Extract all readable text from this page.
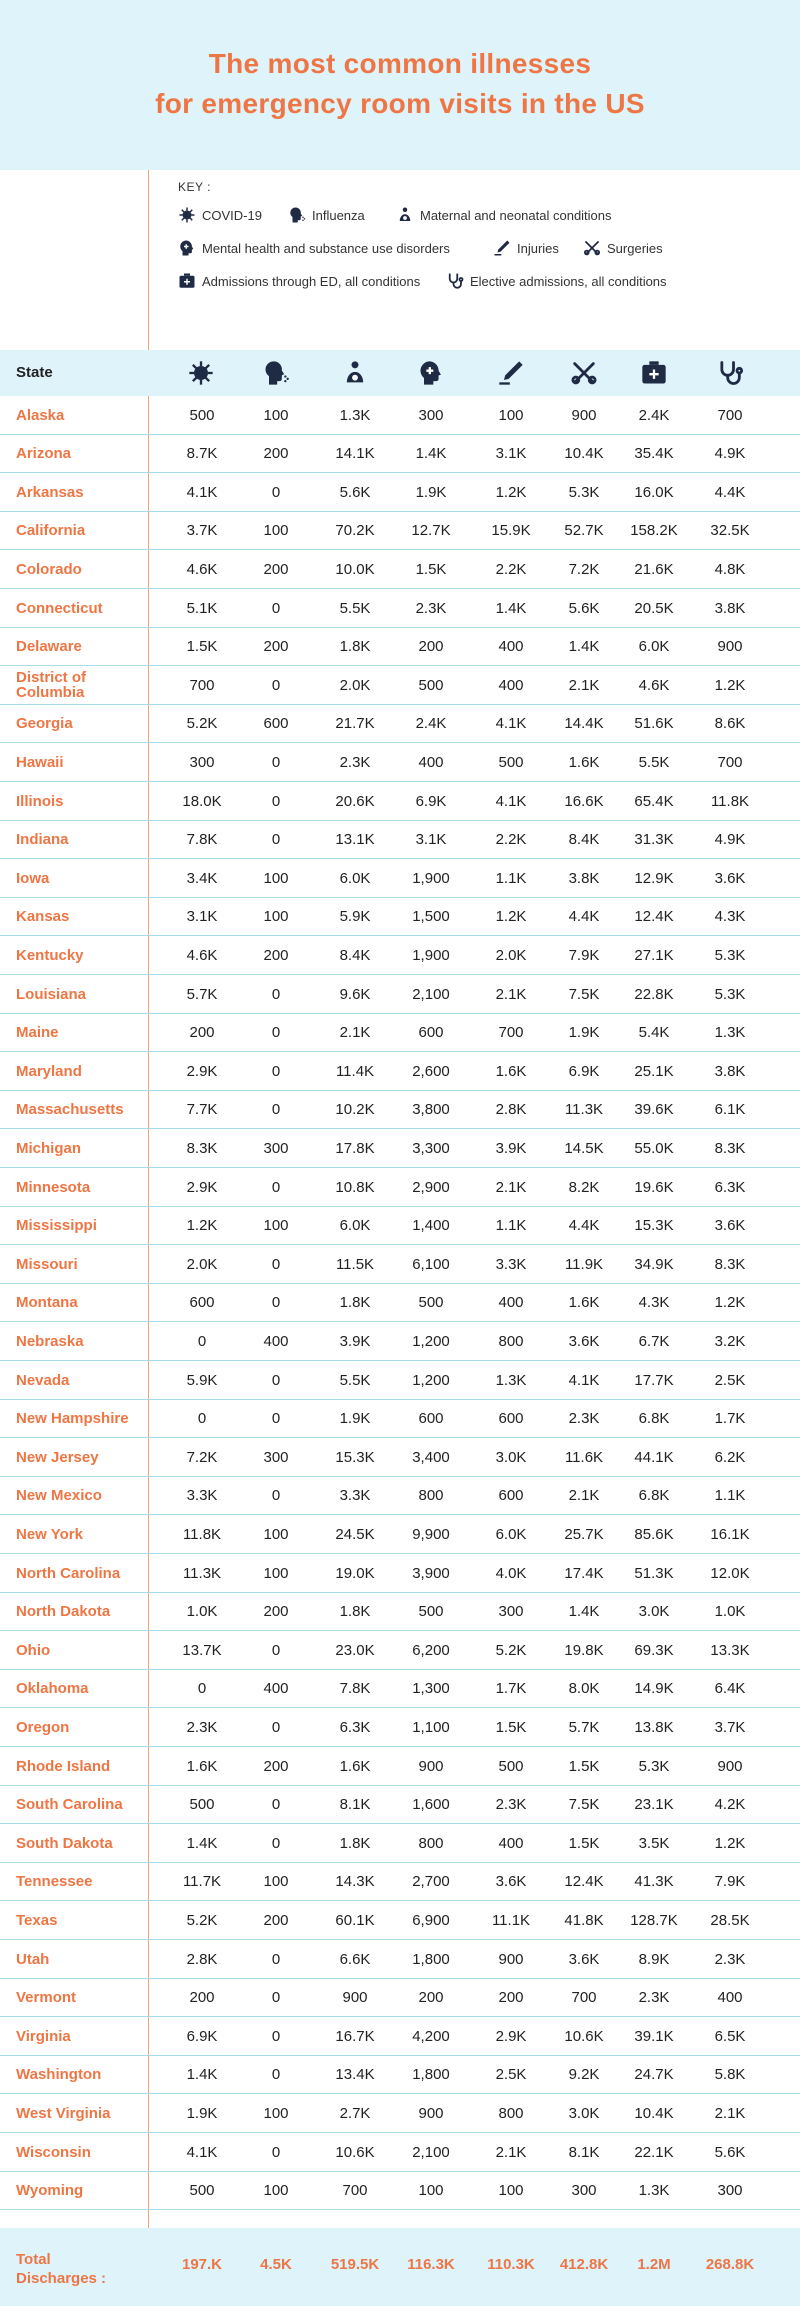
The most common illnesses
for emergency room visits in the US
KEY :
COVID-19	Influenza	Maternal and neonatal conditions
Mental health and substance use disorders	Injuries	Surgeries
Admissions through ED, all conditions	Elective admissions, all conditions
State
Alaska	500	100	1.3K	300	100	900	2.4K	700
Arizona	8.7K	200	14.1K	1.4K	3.1K	10.4K	35.4K	4.9K
Arkansas	4.1K	0	5.6K	1.9K	1.2K	5.3K	16.0K	4.4K
California	3.7K	100	70.2K	12.7K	15.9K	52.7K	158.2K	32.5K
Colorado	4.6K	200	10.0K	1.5K	2.2K	7.2K	21.6K	4.8K
Connecticut	5.1K	0	5.5K	2.3K	1.4K	5.6K	20.5K	3.8K
Delaware	1.5K	200	1.8K	200	400	1.4K	6.0K	900
District of Columbia	700	0	2.0K	500	400	2.1K	4.6K	1.2K
Georgia	5.2K	600	21.7K	2.4K	4.1K	14.4K	51.6K	8.6K
Hawaii	300	0	2.3K	400	500	1.6K	5.5K	700
Illinois	18.0K	0	20.6K	6.9K	4.1K	16.6K	65.4K	11.8K
Indiana	7.8K	0	13.1K	3.1K	2.2K	8.4K	31.3K	4.9K
Iowa	3.4K	100	6.0K	1,900	1.1K	3.8K	12.9K	3.6K
Kansas	3.1K	100	5.9K	1,500	1.2K	4.4K	12.4K	4.3K
Kentucky	4.6K	200	8.4K	1,900	2.0K	7.9K	27.1K	5.3K
Louisiana	5.7K	0	9.6K	2,100	2.1K	7.5K	22.8K	5.3K
Maine	200	0	2.1K	600	700	1.9K	5.4K	1.3K
Maryland	2.9K	0	11.4K	2,600	1.6K	6.9K	25.1K	3.8K
Massachusetts	7.7K	0	10.2K	3,800	2.8K	11.3K	39.6K	6.1K
Michigan	8.3K	300	17.8K	3,300	3.9K	14.5K	55.0K	8.3K
Minnesota	2.9K	0	10.8K	2,900	2.1K	8.2K	19.6K	6.3K
Mississippi	1.2K	100	6.0K	1,400	1.1K	4.4K	15.3K	3.6K
Missouri	2.0K	0	11.5K	6,100	3.3K	11.9K	34.9K	8.3K
Montana	600	0	1.8K	500	400	1.6K	4.3K	1.2K
Nebraska	0	400	3.9K	1,200	800	3.6K	6.7K	3.2K
Nevada	5.9K	0	5.5K	1,200	1.3K	4.1K	17.7K	2.5K
New Hampshire	0	0	1.9K	600	600	2.3K	6.8K	1.7K
New Jersey	7.2K	300	15.3K	3,400	3.0K	11.6K	44.1K	6.2K
New Mexico	3.3K	0	3.3K	800	600	2.1K	6.8K	1.1K
New York	11.8K	100	24.5K	9,900	6.0K	25.7K	85.6K	16.1K
North Carolina	11.3K	100	19.0K	3,900	4.0K	17.4K	51.3K	12.0K
North Dakota	1.0K	200	1.8K	500	300	1.4K	3.0K	1.0K
Ohio	13.7K	0	23.0K	6,200	5.2K	19.8K	69.3K	13.3K
Oklahoma	0	400	7.8K	1,300	1.7K	8.0K	14.9K	6.4K
Oregon	2.3K	0	6.3K	1,100	1.5K	5.7K	13.8K	3.7K
Rhode Island	1.6K	200	1.6K	900	500	1.5K	5.3K	900
South Carolina	500	0	8.1K	1,600	2.3K	7.5K	23.1K	4.2K
South Dakota	1.4K	0	1.8K	800	400	1.5K	3.5K	1.2K
Tennessee	11.7K	100	14.3K	2,700	3.6K	12.4K	41.3K	7.9K
Texas	5.2K	200	60.1K	6,900	11.1K	41.8K	128.7K	28.5K
Utah	2.8K	0	6.6K	1,800	900	3.6K	8.9K	2.3K
Vermont	200	0	900	200	200	700	2.3K	400
Virginia	6.9K	0	16.7K	4,200	2.9K	10.6K	39.1K	6.5K
Washington	1.4K	0	13.4K	1,800	2.5K	9.2K	24.7K	5.8K
West Virginia	1.9K	100	2.7K	900	800	3.0K	10.4K	2.1K
Wisconsin	4.1K	0	10.6K	2,100	2.1K	8.1K	22.1K	5.6K
Wyoming	500	100	700	100	100	300	1.3K	300
Total
Discharges :
197.K	4.5K	519.5K	116.3K	110.3K	412.8K	1.2M	268.8K
